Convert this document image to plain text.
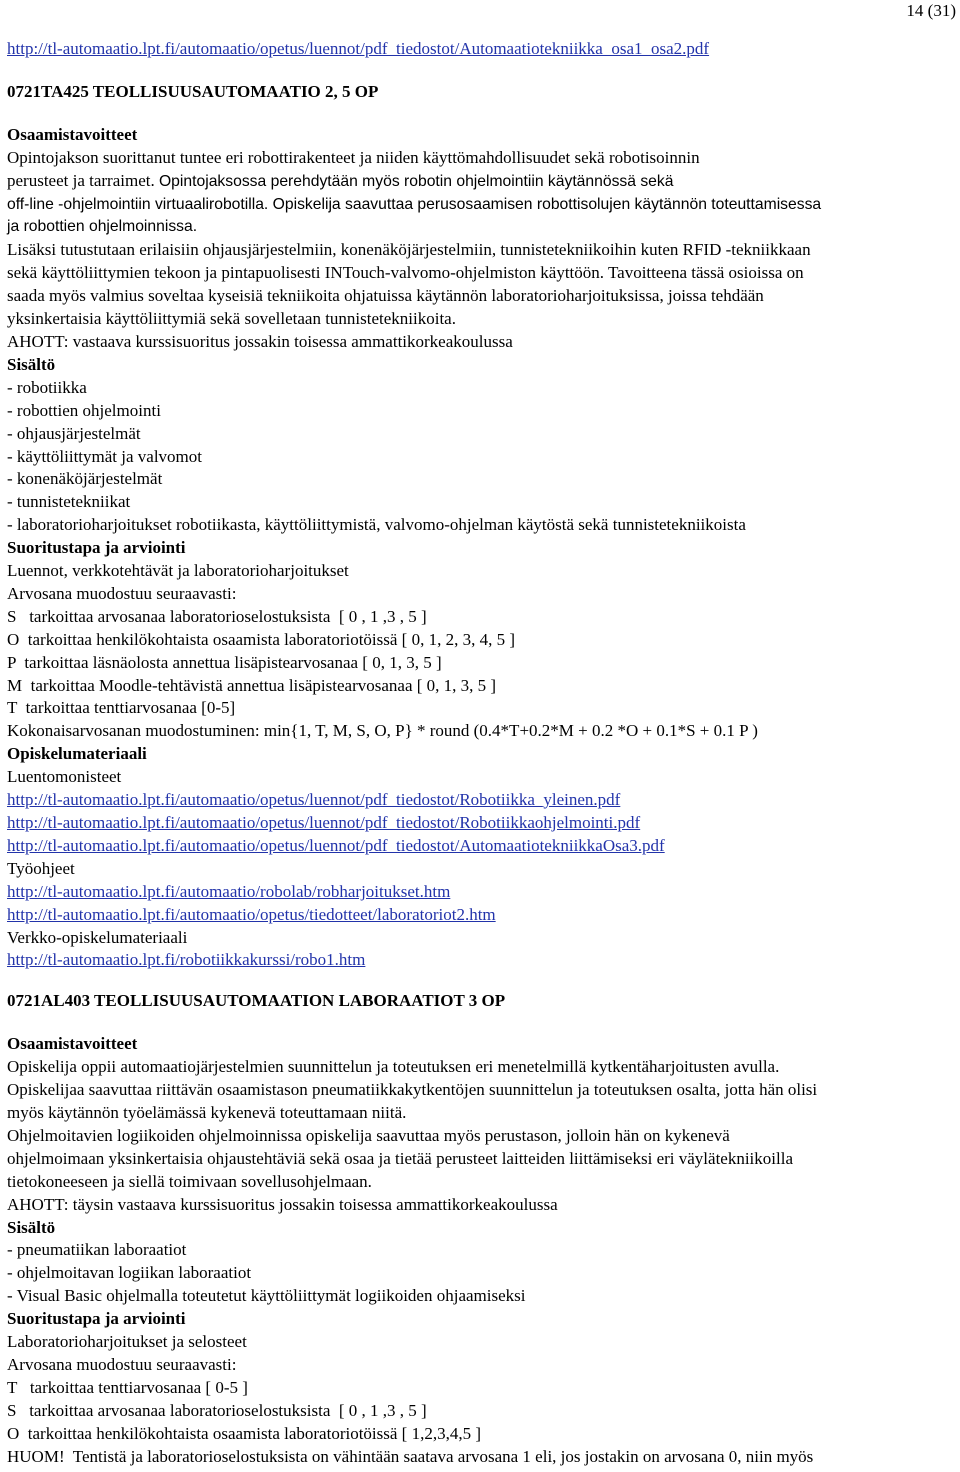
14 (31)
http://tl-automaatio.lpt.fi/automaatio/opetus/luennot/pdf_tiedostot/Automaatiotekniikka_osa1_osa2.pdf
0721TA425 TEOLLISUUSAUTOMAATIO 2, 5 OP
Osaamistavoitteet
Opintojakson suorittanut tuntee eri robottirakenteet ja niiden käyttömahdollisuudet sekä robotisoinnin
perusteet ja tarraimet. Opintojaksossa perehdytään myös robotin ohjelmointiin käytännössä sekä
off-line -ohjelmointiin virtuaalirobotilla. Opiskelija saavuttaa perusosaamisen robottisolujen käytännön toteuttamisessa
ja robottien ohjelmoinnissa.
Lisäksi tutustutaan erilaisiin ohjausjärjestelmiin, konenäköjärjestelmiin, tunnistetekniikoihin kuten RFID -tekniikkaan
sekä käyttöliittymien tekoon ja pintapuolisesti INTouch-valvomo-ohjelmiston käyttöön. Tavoitteena tässä osioissa on
saada myös valmius soveltaa kyseisiä tekniikoita ohjatuissa käytännön laboratorioharjoituksissa, joissa tehdään
yksinkertaisia käyttöliittymiä sekä sovelletaan tunnistetekniikoita.
AHOTT: vastaava kurssisuoritus jossakin toisessa ammattikorkeakoulussa
Sisältö
- robotiikka
- robottien ohjelmointi
- ohjausjärjestelmät
- käyttöliittymät ja valvomot
- konenäköjärjestelmät
- tunnistetekniikat
- laboratorioharjoitukset robotiikasta, käyttöliittymistä, valvomo-ohjelman käytöstä sekä tunnistetekniikoista
Suoritustapa ja arviointi
Luennot, verkkotehtävät ja laboratorioharjoitukset
Arvosana muodostuu seuraavasti:
S   tarkoittaa arvosanaa laboratorioselostuksista  [ 0 , 1 ,3 , 5 ]
O  tarkoittaa henkilökohtaista osaamista laboratoriotöissä [ 0, 1, 2, 3, 4, 5 ]
P  tarkoittaa läsnäolosta annettua lisäpistearvosanaa [ 0, 1, 3, 5 ]
M  tarkoittaa Moodle-tehtävistä annettua lisäpistearvosanaa [ 0, 1, 3, 5 ]
T  tarkoittaa tenttiarvosanaa [0-5]
Kokonaisarvosanan muodostuminen: min{1, T, M, S, O, P} * round (0.4*T+0.2*M + 0.2 *O + 0.1*S + 0.1 P )
Opiskelumateriaali
Luentomonisteet
http://tl-automaatio.lpt.fi/automaatio/opetus/luennot/pdf_tiedostot/Robotiikka_yleinen.pdf
http://tl-automaatio.lpt.fi/automaatio/opetus/luennot/pdf_tiedostot/Robotiikkaohjelmointi.pdf
http://tl-automaatio.lpt.fi/automaatio/opetus/luennot/pdf_tiedostot/AutomaatiotekniikkaOsa3.pdf
Työohjeet
http://tl-automaatio.lpt.fi/automaatio/robolab/robharjoitukset.htm
http://tl-automaatio.lpt.fi/automaatio/opetus/tiedotteet/laboratoriot2.htm
Verkko-opiskelumateriaali
http://tl-automaatio.lpt.fi/robotiikkakurssi/robo1.htm
0721AL403 TEOLLISUUSAUTOMAATION LABORAATIOT 3 OP
Osaamistavoitteet
Opiskelija oppii automaatiojärjestelmien suunnittelun ja toteutuksen eri menetelmillä kytkentäharjoitusten avulla.
Opiskelijaa saavuttaa riittävän osaamistason pneumatiikkakytkentöjen suunnittelun ja toteutuksen osalta, jotta hän olisi
myös käytännön työelämässä kykenevä toteuttamaan niitä.
Ohjelmoitavien logiikoiden ohjelmoinnissa opiskelija saavuttaa myös perustason, jolloin hän on kykenevä
ohjelmoimaan yksinkertaisia ohjaustehtäviä sekä osaa ja tietää perusteet laitteiden liittämiseksi eri väylätekniikoilla
tietokoneeseen ja siellä toimivaan sovellusohjelmaan.
AHOTT: täysin vastaava kurssisuoritus jossakin toisessa ammattikorkeakoulussa
Sisältö
- pneumatiikan laboraatiot
- ohjelmoitavan logiikan laboraatiot
- Visual Basic ohjelmalla toteutetut käyttöliittymät logiikoiden ohjaamiseksi
Suoritustapa ja arviointi
Laboratorioharjoitukset ja selosteet
Arvosana muodostuu seuraavasti:
T   tarkoittaa tenttiarvosanaa [ 0-5 ]
S   tarkoittaa arvosanaa laboratorioselostuksista  [ 0 , 1 ,3 , 5 ]
O  tarkoittaa henkilökohtaista osaamista laboratoriotöissä [ 1,2,3,4,5 ]
HUOM!  Tentistä ja laboratorioselostuksista on vähintään saatava arvosana 1 eli, jos jostakin on arvosana 0, niin myös
